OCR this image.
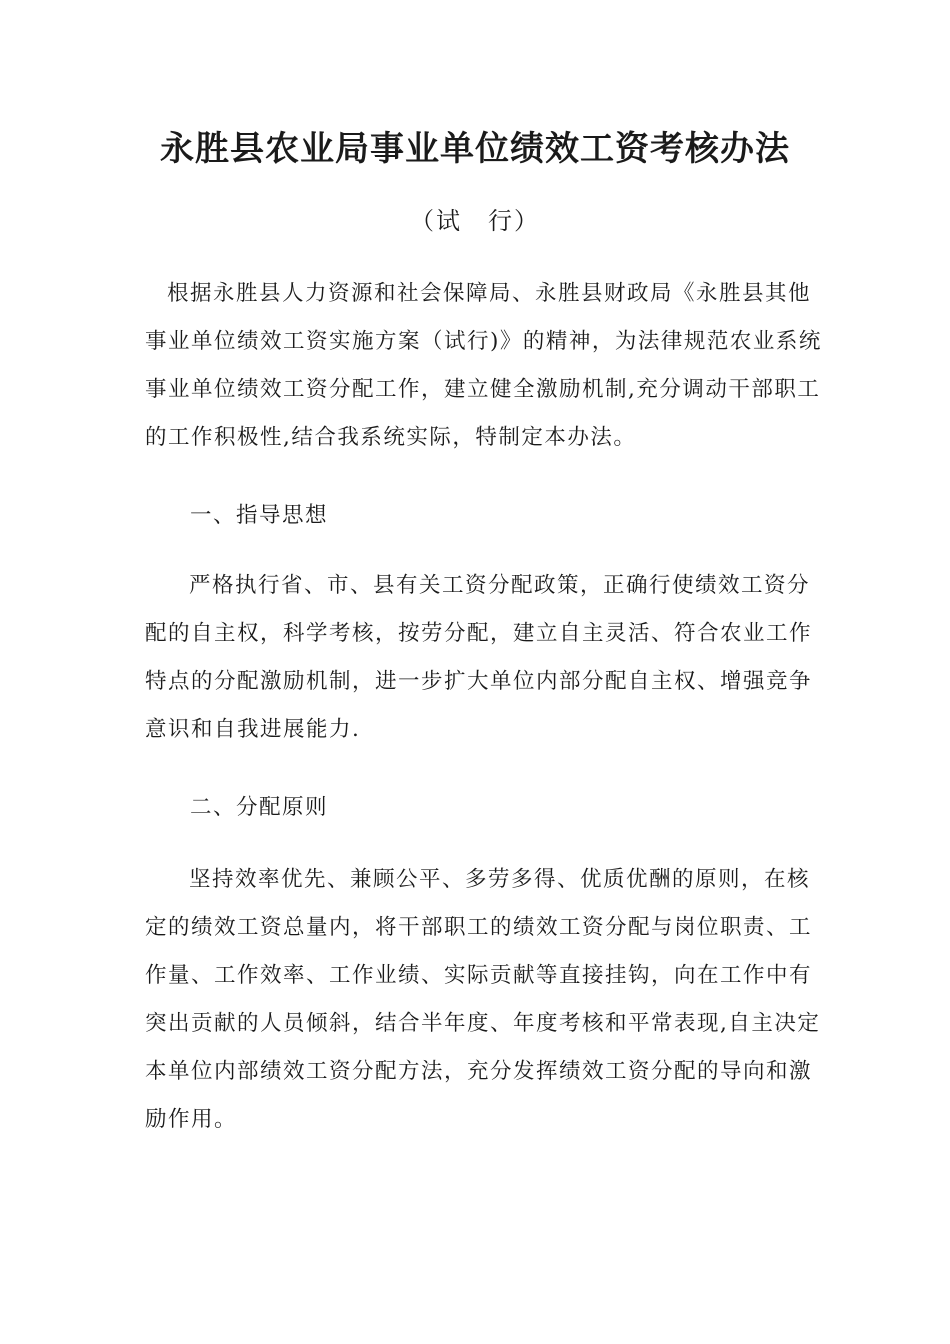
永胜县农业局事业单位绩效工资考核办法
（试　行）
根据永胜县人力资源和社会保障局、永胜县财政局《永胜县其他
事业单位绩效工资实施方案（试行)》的精神，为法律规范农业系统
事业单位绩效工资分配工作，建立健全激励机制,充分调动干部职工
的工作积极性,结合我系统实际，特制定本办法。
一、指导思想
严格执行省、市、县有关工资分配政策，正确行使绩效工资分
配的自主权，科学考核，按劳分配，建立自主灵活、符合农业工作
特点的分配激励机制，进一步扩大单位内部分配自主权、增强竞争
意识和自我进展能力.
二、分配原则
坚持效率优先、兼顾公平、多劳多得、优质优酬的原则，在核
定的绩效工资总量内，将干部职工的绩效工资分配与岗位职责、工
作量、工作效率、工作业绩、实际贡献等直接挂钩，向在工作中有
突出贡献的人员倾斜，结合半年度、年度考核和平常表现,自主决定
本单位内部绩效工资分配方法，充分发挥绩效工资分配的导向和激
励作用。
